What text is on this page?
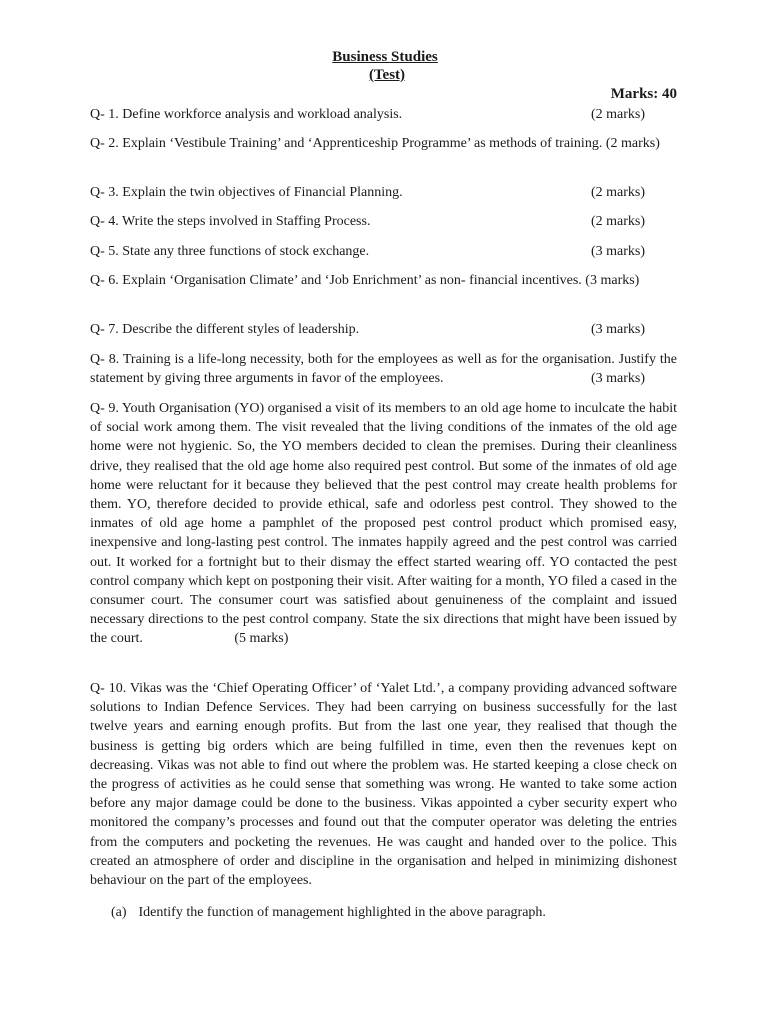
Business Studies
(Test)
Marks: 40
Q- 1. Define workforce analysis and workload analysis.	(2 marks)
Q- 2. Explain ‘Vestibule Training’ and ‘Apprenticeship Programme’ as methods of training. (2 marks)
Q- 3. Explain the twin objectives of Financial Planning.	(2 marks)
Q- 4. Write the steps involved in Staffing Process.	(2 marks)
Q- 5. State any three functions of stock exchange.	(3 marks)
Q- 6. Explain ‘Organisation Climate’ and ‘Job Enrichment’ as non- financial incentives. (3 marks)
Q- 7. Describe the different styles of leadership.	(3 marks)
Q- 8. Training is a life-long necessity, both for the employees as well as for the organisation. Justify the statement by giving three arguments in favor of the employees.	(3 marks)
Q- 9. Youth Organisation (YO) organised a visit of its members to an old age home to inculcate the habit of social work among them. The visit revealed that the living conditions of the inmates of the old age home were not hygienic. So, the YO members decided to clean the premises. During their cleanliness drive, they realised that the old age home also required pest control. But some of the inmates of old age home were reluctant for it because they believed that the pest control may create health problems for them. YO, therefore decided to provide ethical, safe and odorless pest control. They showed to the inmates of old age home a pamphlet of the proposed pest control product which promised easy, inexpensive and long-lasting pest control. The inmates happily agreed and the pest control was carried out. It worked for a fortnight but to their dismay the effect started wearing off. YO contacted the pest control company which kept on postponing their visit. After waiting for a month, YO filed a cased in the consumer court. The consumer court was satisfied about genuineness of the complaint and issued necessary directions to the pest control company. State the six directions that might have been issued by the court.	(5 marks)
Q- 10. Vikas was the ‘Chief Operating Officer’ of ‘Yalet Ltd.’, a company providing advanced software solutions to Indian Defence Services. They had been carrying on business successfully for the last twelve years and earning enough profits. But from the last one year, they realised that though the business is getting big orders which are being fulfilled in time, even then the revenues kept on decreasing. Vikas was not able to find out where the problem was. He started keeping a close check on the progress of activities as he could sense that something was wrong. He wanted to take some action before any major damage could be done to the business. Vikas appointed a cyber security expert who monitored the company’s processes and found out that the computer operator was deleting the entries from the computers and pocketing the revenues. He was caught and handed over to the police. This created an atmosphere of order and discipline in the organisation and helped in minimizing dishonest behaviour on the part of the employees.
(a) Identify the function of management highlighted in the above paragraph.
